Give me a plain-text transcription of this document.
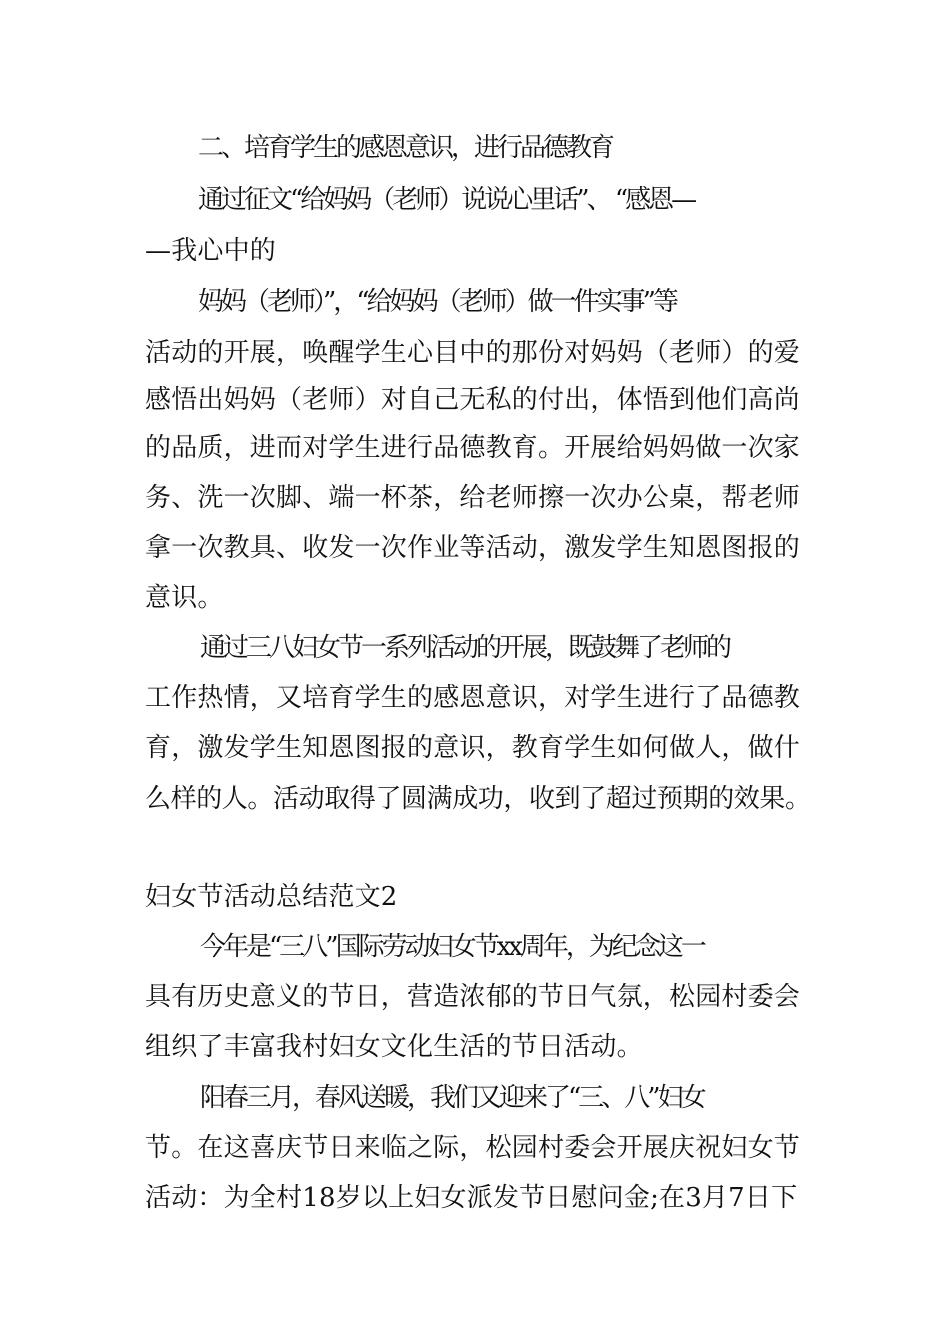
二、培育学生的感恩意识，进行品德教育
通过征文“给妈妈（老师）说说心里话”、 “感恩—
—我心中的
妈妈（老师）”，“给妈妈（老师）做一件实事”等
活动的开展，唤醒学生心目中的那份对妈妈（老师）的爱
感悟出妈妈（老师）对自己无私的付出，体悟到他们高尚
的品质，进而对学生进行品德教育。开展给妈妈做一次家
务、洗一次脚、端一杯茶，给老师擦一次办公桌，帮老师
拿一次教具、收发一次作业等活动，激发学生知恩图报的
意识。
通过三八妇女节一系列活动的开展，既鼓舞了老师的
工作热情，又培育学生的感恩意识，对学生进行了品德教
育，激发学生知恩图报的意识，教育学生如何做人，做什
么样的人。活动取得了圆满成功，收到了超过预期的效果。
妇女节活动总结范文2
今年是“三八”国际劳动妇女节xx周年，为纪念这一
具有历史意义的节日，营造浓郁的节日气氛，松园村委会
组织了丰富我村妇女文化生活的节日活动。
阳春三月，春风送暖，我们又迎来了“三、八”妇女
节。在这喜庆节日来临之际，松园村委会开展庆祝妇女节
活动：为全村18岁以上妇女派发节日慰问金;在3月7日下
